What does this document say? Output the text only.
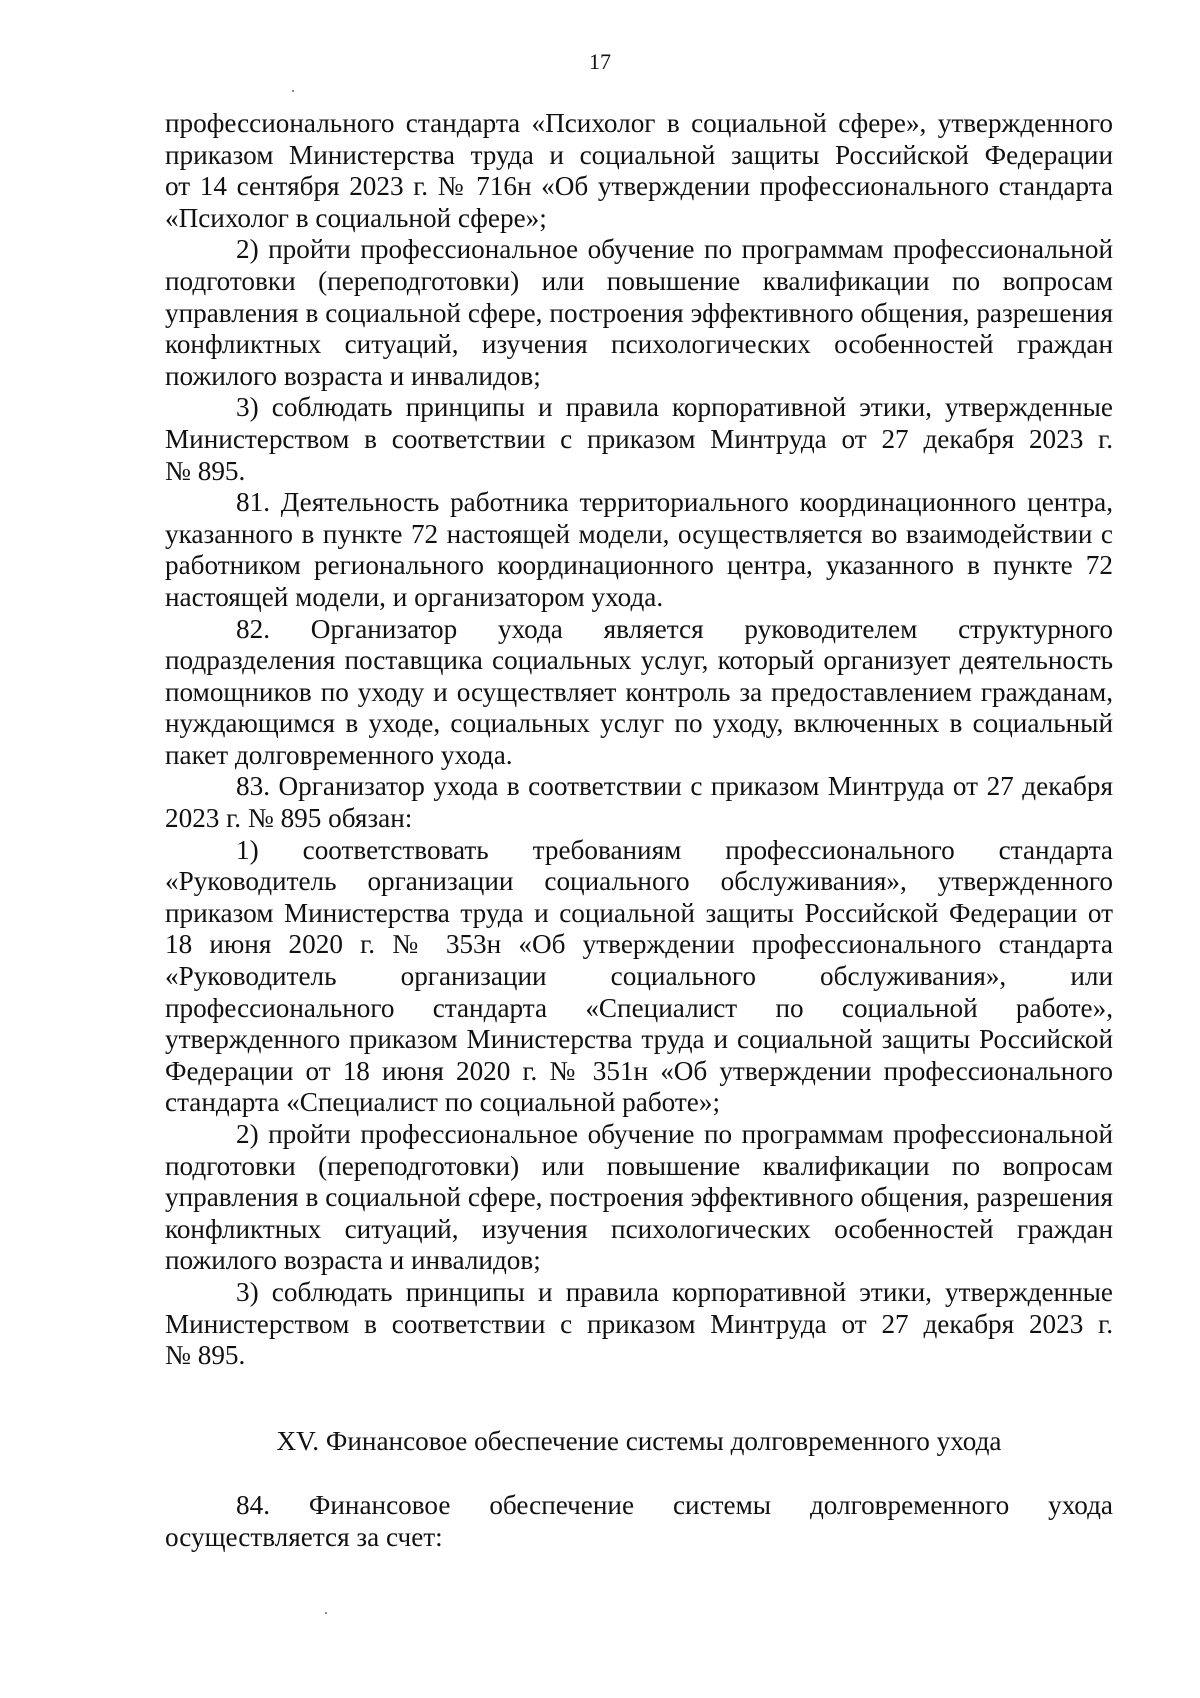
17

профессионального стандарта «Психолог в социальной сфере», утвержденного

приказом Министерства труда и социальной защиты Российской Федерации

от 14 сентября 2023 г. № 716н «Об утверждении профессионального стандарта

«Психолог в социальной сфере»;

2) пройти профессиональное обучение по программам профессиональной

подготовки (переподготовки) или повышение квалификации по вопросам

управления в социальной сфере, построения эффективного общения, разрешения

конфликтных ситуаций, изучения психологических особенностей граждан

пожилого возраста и инвалидов;

3) соблюдать принципы и правила корпоративной этики, утвержденные

Министерством в соответствии с приказом Минтруда от 27 декабря 2023 г.

№ 895.

81. Деятельность работника территориального координационного центра,

указанного в пункте 72 настоящей модели, осуществляется во взаимодействии с

работником регионального координационного центра, указанного в пункте 72

настоящей модели, и организатором ухода.

82. Организатор ухода является руководителем структурного

подразделения поставщика социальных услуг, который организует деятельность

помощников по уходу и осуществляет контроль за предоставлением гражданам,

нуждающимся в уходе, социальных услуг по уходу, включенных в социальный

пакет долговременного ухода.

83. Организатор ухода в соответствии с приказом Минтруда от 27 декабря

2023 г. № 895 обязан:

1) соответствовать требованиям профессионального стандарта

«Руководитель организации социального обслуживания», утвержденного

приказом Министерства труда и социальной защиты Российской Федерации от

18 июня 2020 г. № 353н «Об утверждении профессионального стандарта

«Руководитель организации социального обслуживания», или

профессионального стандарта «Специалист по социальной работе»,

утвержденного приказом Министерства труда и социальной защиты Российской

Федерации от 18 июня 2020 г. № 351н «Об утверждении профессионального

стандарта «Специалист по социальной работе»;

2) пройти профессиональное обучение по программам профессиональной

подготовки (переподготовки) или повышение квалификации по вопросам

управления в социальной сфере, построения эффективного общения, разрешения

конфликтных ситуаций, изучения психологических особенностей граждан

пожилого возраста и инвалидов;

3) соблюдать принципы и правила корпоративной этики, утвержденные

Министерством в соответствии с приказом Минтруда от 27 декабря 2023 г.

№ 895.

XV. Финансовое обеспечение системы долговременного ухода

84. Финансовое обеспечение системы долговременного ухода

осуществляется за счет:
